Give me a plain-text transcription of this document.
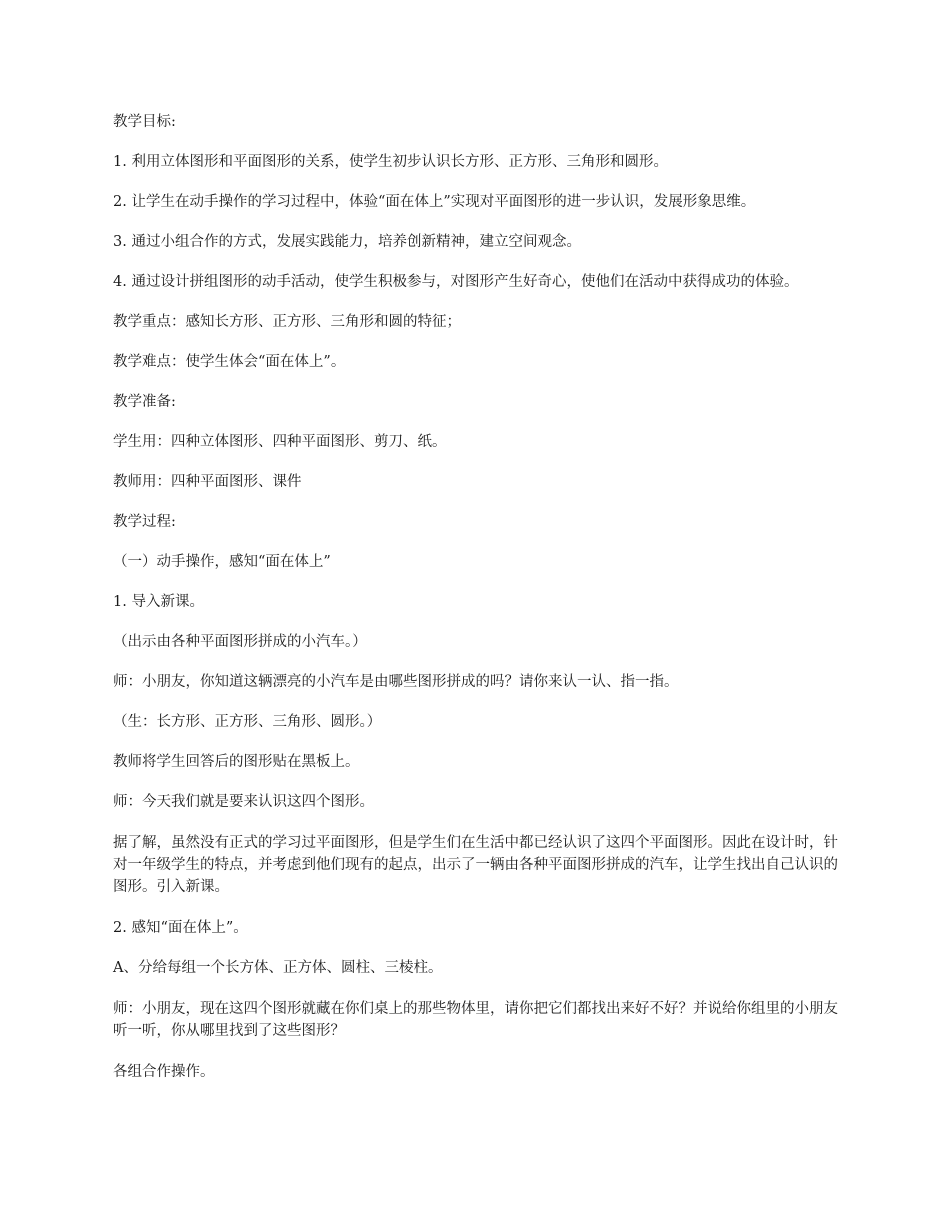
教学目标:

1. 利用立体图形和平面图形的关系，使学生初步认识长方形、正方形、三角形和圆形。

2. 让学生在动手操作的学习过程中，体验“面在体上”实现对平面图形的进一步认识，发展形象思维。

3. 通过小组合作的方式，发展实践能力，培养创新精神，建立空间观念。

4. 通过设计拼组图形的动手活动，使学生积极参与，对图形产生好奇心，使他们在活动中获得成功的体验。

教学重点：感知长方形、正方形、三角形和圆的特征；

教学难点：使学生体会“面在体上”。

教学准备:

学生用：四种立体图形、四种平面图形、剪刀、纸。

教师用：四种平面图形、课件

教学过程:

（一）动手操作，感知“面在体上”

1. 导入新课。

（出示由各种平面图形拼成的小汽车。）

师：小朋友，你知道这辆漂亮的小汽车是由哪些图形拼成的吗？请你来认一认、指一指。

（生：长方形、正方形、三角形、圆形。）

教师将学生回答后的图形贴在黑板上。

师：今天我们就是要来认识这四个图形。

据了解，虽然没有正式的学习过平面图形，但是学生们在生活中都已经认识了这四个平面图形。因此在设计时，针对一年级学生的特点，并考虑到他们现有的起点，出示了一辆由各种平面图形拼成的汽车，让学生找出自己认识的图形。引入新课。

2. 感知“面在体上”。

A、分给每组一个长方体、正方体、圆柱、三棱柱。

师：小朋友，现在这四个图形就藏在你们桌上的那些物体里，请你把它们都找出来好不好？并说给你组里的小朋友听一听，你从哪里找到了这些图形？

各组合作操作。
